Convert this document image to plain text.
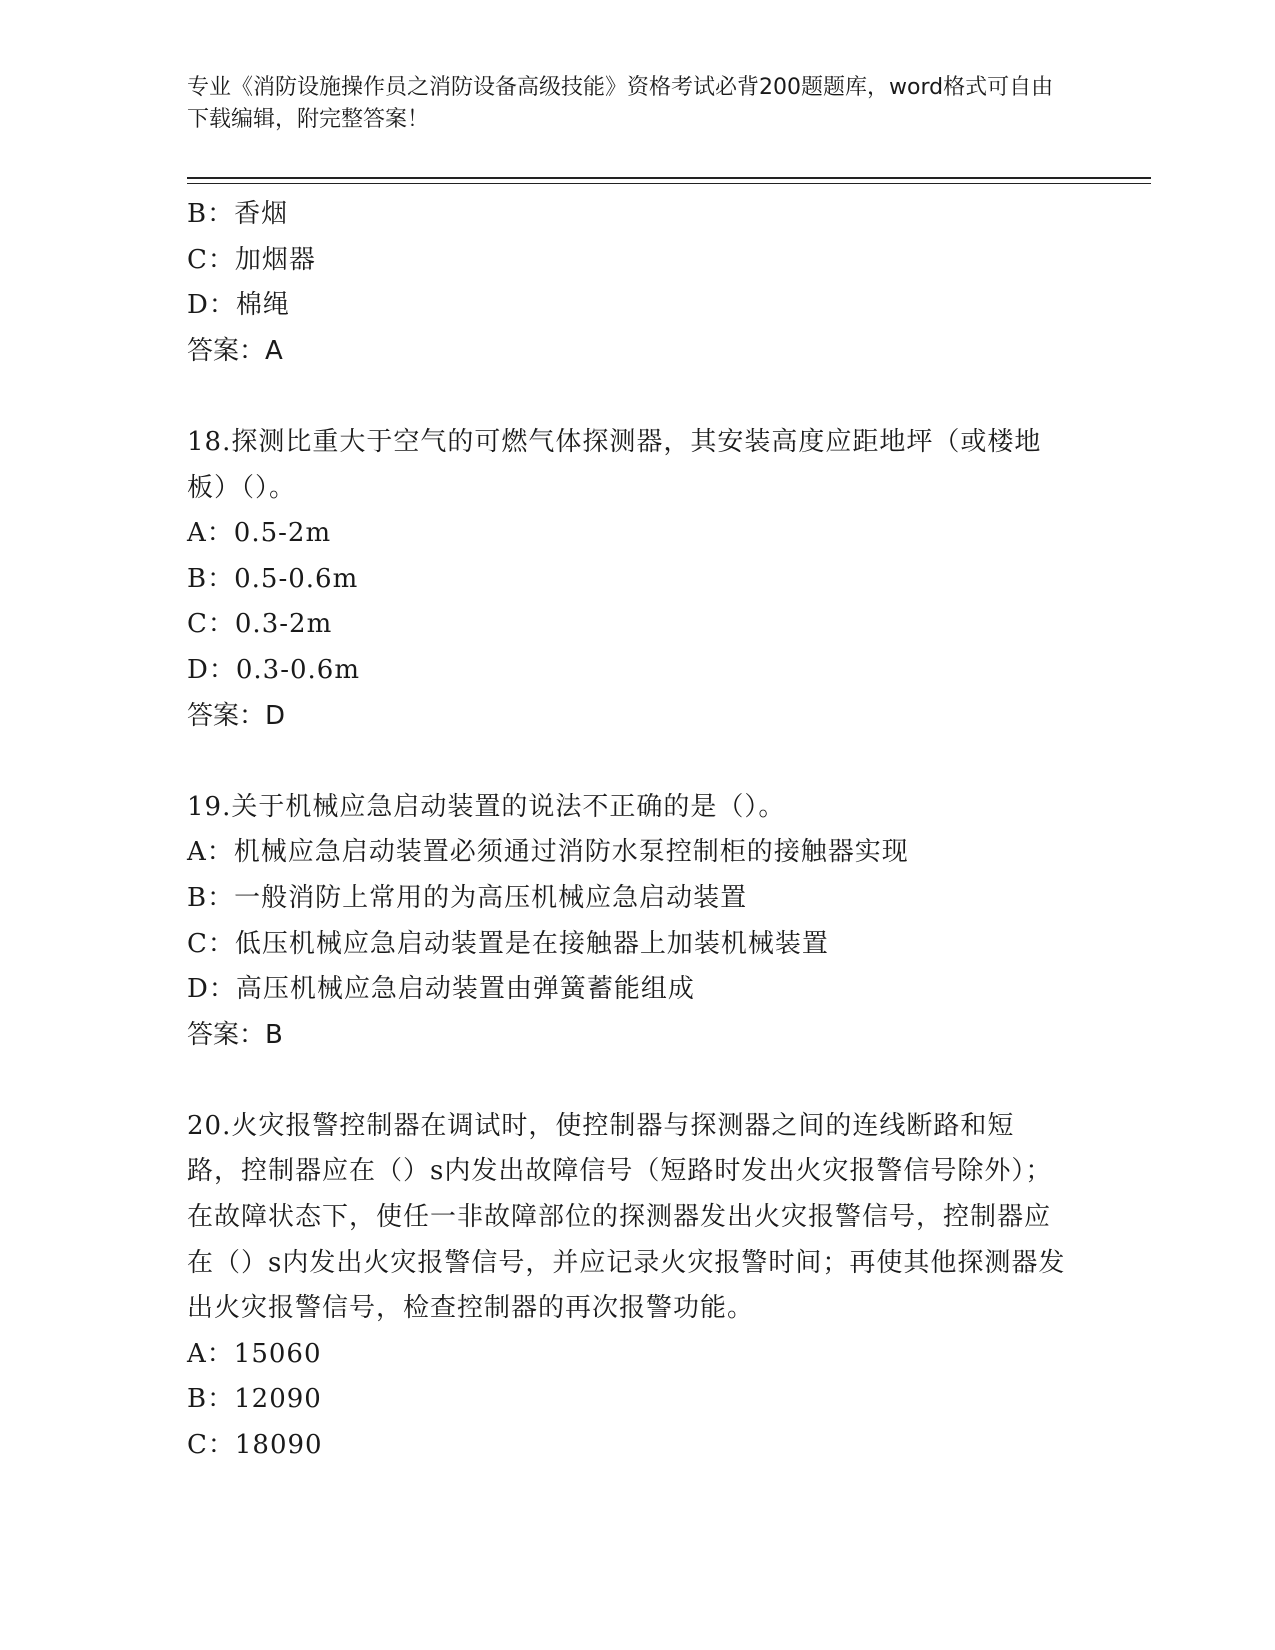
专业《消防设施操作员之消防设备高级技能》资格考试必背200题题库，word格式可自由下载编辑，附完整答案！
B：香烟
C：加烟器
D：棉绳
答案：A
18.探测比重大于空气的可燃气体探测器，其安装高度应距地坪（或楼地板）（）。
A：0.5-2m
B：0.5-0.6m
C：0.3-2m
D：0.3-0.6m
答案：D
19.关于机械应急启动装置的说法不正确的是（）。
A：机械应急启动装置必须通过消防水泵控制柜的接触器实现
B：一般消防上常用的为高压机械应急启动装置
C：低压机械应急启动装置是在接触器上加装机械装置
D：高压机械应急启动装置由弹簧蓄能组成
答案：B
20.火灾报警控制器在调试时，使控制器与探测器之间的连线断路和短路，控制器应在（）s内发出故障信号（短路时发出火灾报警信号除外）；在故障状态下，使任一非故障部位的探测器发出火灾报警信号，控制器应在（）s内发出火灾报警信号，并应记录火灾报警时间；再使其他探测器发出火灾报警信号，检查控制器的再次报警功能。
A：15060
B：12090
C：18090
